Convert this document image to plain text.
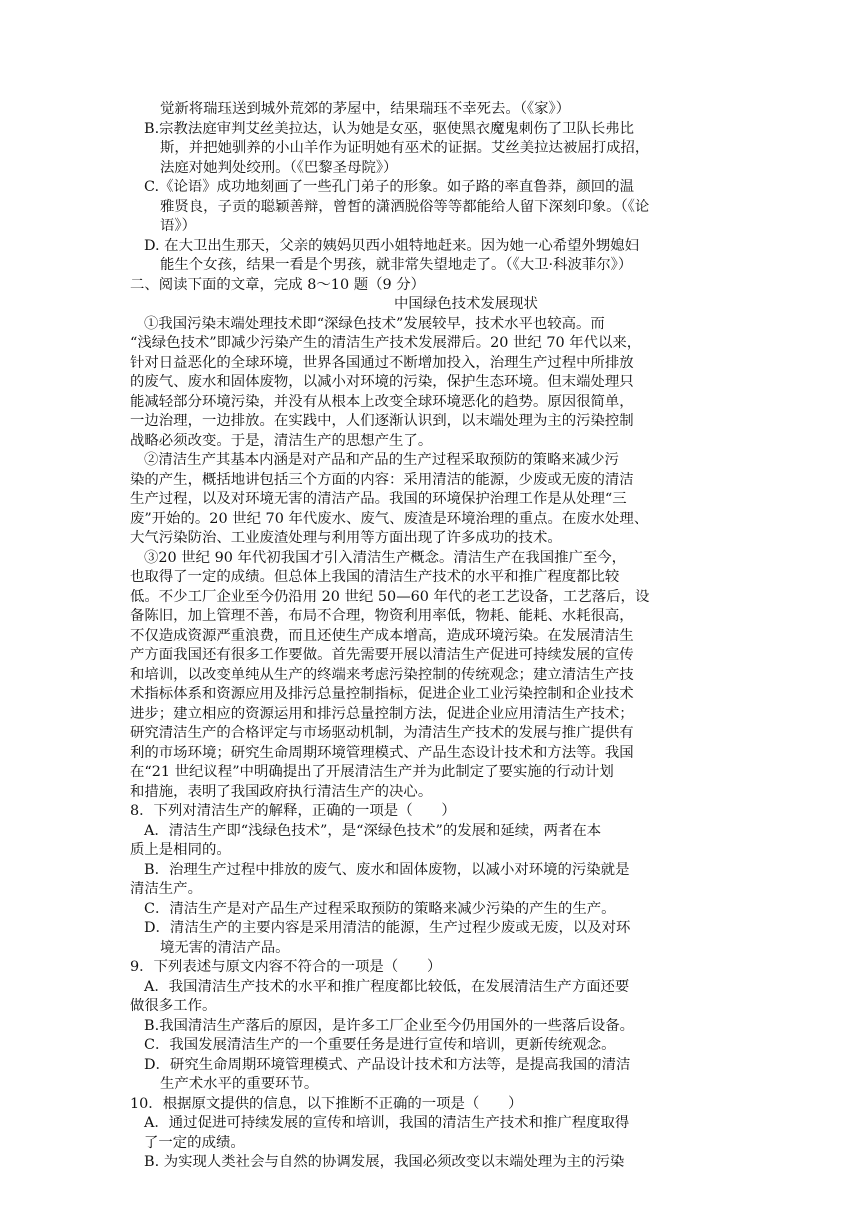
觉新将瑞珏送到城外荒郊的茅屋中，结果瑞珏不幸死去。（《家》）
B.宗教法庭审判艾丝美拉达，认为她是女巫，驱使黑衣魔鬼刺伤了卫队长弗比
斯，并把她驯养的小山羊作为证明她有巫术的证据。艾丝美拉达被屈打成招，
法庭对她判处绞刑。（《巴黎圣母院》）
C.《论语》成功地刻画了一些孔门弟子的形象。如子路的率直鲁莽，颜回的温
雅贤良，子贡的聪颖善辩，曾皙的潇洒脱俗等等都能给人留下深刻印象。（《论
语》）
D. 在大卫出生那天，父亲的姨妈贝西小姐特地赶来。因为她一心希望外甥媳妇
能生个女孩，结果一看是个男孩，就非常失望地走了。（《大卫·科波菲尔》）
二、阅读下面的文章，完成 8～10 题（9 分）
中国绿色技术发展现状
①我国污染末端处理技术即“深绿色技术”发展较早，技术水平也较高。而
“浅绿色技术”即减少污染产生的清洁生产技术发展滞后。20 世纪 70 年代以来，
针对日益恶化的全球环境，世界各国通过不断增加投入，治理生产过程中所排放
的废气、废水和固体废物，以减小对环境的污染，保护生态环境。但末端处理只
能减轻部分环境污染，并没有从根本上改变全球环境恶化的趋势。原因很简单，
一边治理，一边排放。在实践中，人们逐渐认识到，以末端处理为主的污染控制
战略必须改变。于是，清洁生产的思想产生了。
②清洁生产其基本内涵是对产品和产品的生产过程采取预防的策略来减少污
染的产生，概括地讲包括三个方面的内容：采用清洁的能源，少废或无废的清洁
生产过程，以及对环境无害的清洁产品。我国的环境保护治理工作是从处理“三
废”开始的。20 世纪 70 年代废水、废气、废渣是环境治理的重点。在废水处理、
大气污染防治、工业废渣处理与利用等方面出现了许多成功的技术。
③20 世纪 90 年代初我国才引入清洁生产概念。清洁生产在我国推广至今，
也取得了一定的成绩。但总体上我国的清洁生产技术的水平和推广程度都比较
低。不少工厂企业至今仍沿用 20 世纪 50—60 年代的老工艺设备，工艺落后，设
备陈旧，加上管理不善，布局不合理，物资利用率低，物耗、能耗、水耗很高，
不仅造成资源严重浪费，而且还使生产成本增高，造成环境污染。在发展清洁生
产方面我国还有很多工作要做。首先需要开展以清洁生产促进可持续发展的宣传
和培训，以改变单纯从生产的终端来考虑污染控制的传统观念；建立清洁生产技
术指标体系和资源应用及排污总量控制指标，促进企业工业污染控制和企业技术
进步；建立相应的资源运用和排污总量控制方法，促进企业应用清洁生产技术；
研究清洁生产的合格评定与市场驱动机制，为清洁生产技术的发展与推广提供有
利的市场环境；研究生命周期环境管理模式、产品生态设计技术和方法等。我国
在“21 世纪议程”中明确提出了开展清洁生产并为此制定了要实施的行动计划
和措施，表明了我国政府执行清洁生产的决心。
8．下列对清洁生产的解释，正确的一项是（　　）
A．清洁生产即“浅绿色技术”，是“深绿色技术”的发展和延续，两者在本
质上是相同的。
B．治理生产过程中排放的废气、废水和固体废物，以减小对环境的污染就是
清洁生产。
C．清洁生产是对产品生产过程采取预防的策略来减少污染的产生的生产。
D．清洁生产的主要内容是采用清洁的能源，生产过程少废或无废，以及对环
境无害的清洁产品。
9．下列表述与原文内容不符合的一项是（　　）
A．我国清洁生产技术的水平和推广程度都比较低，在发展清洁生产方面还要
做很多工作。
B.我国清洁生产落后的原因，是许多工厂企业至今仍用国外的一些落后设备。
C．我国发展清洁生产的一个重要任务是进行宣传和培训，更新传统观念。
D．研究生命周期环境管理模式、产品设计技术和方法等，是提高我国的清洁
生产术水平的重要环节。
10．根据原文提供的信息，以下推断不正确的一项是（　　）
A．通过促进可持续发展的宣传和培训，我国的清洁生产技术和推广程度取得
了一定的成绩。
B. 为实现人类社会与自然的协调发展，我国必须改变以末端处理为主的污染
